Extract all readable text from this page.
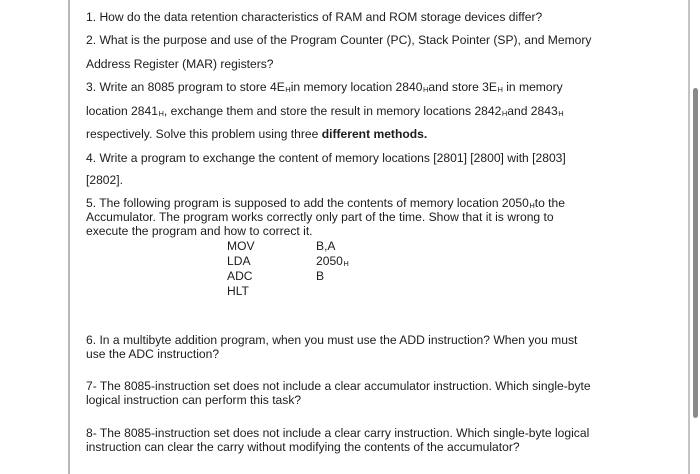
1. How do the data retention characteristics of RAM and ROM storage devices differ?
2. What is the purpose and use of the Program Counter (PC), Stack Pointer (SP), and Memory
Address Register (MAR) registers?
3. Write an 8085 program to store 4EHin memory location 2840Hand store 3EH in memory
location 2841H, exchange them and store the result in memory locations 2842Hand 2843H
respectively. Solve this problem using three different methods.
4. Write a program to exchange the content of memory locations [2801] [2800] with [2803]
[2802].
5. The following program is supposed to add the contents of memory location 2050Hto the
Accumulator. The program works correctly only part of the time. Show that it is wrong to
execute the program and how to correct it.
MOV	B,A
LDA	2050H
ADC	B
HLT
6. In a multibyte addition program, when you must use the ADD instruction? When you must
use the ADC instruction?
7- The 8085-instruction set does not include a clear accumulator instruction. Which single-byte
logical instruction can perform this task?
8- The 8085-instruction set does not include a clear carry instruction. Which single-byte logical
instruction can clear the carry without modifying the contents of the accumulator?
